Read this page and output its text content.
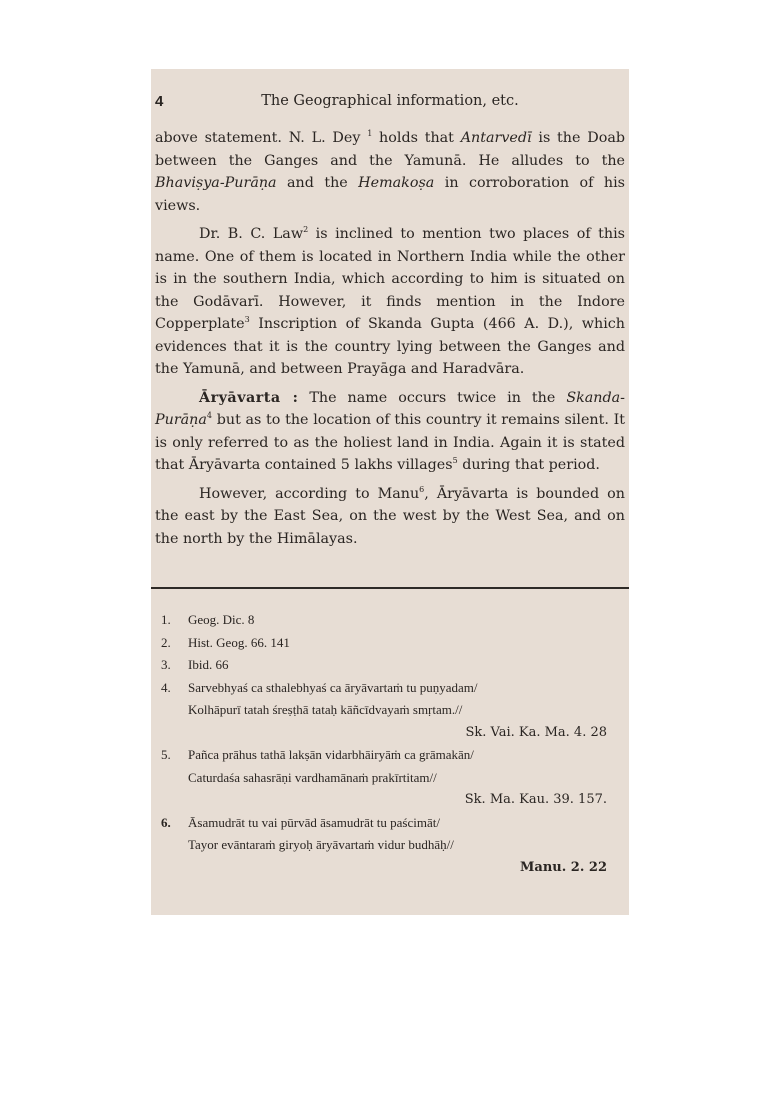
4	The Geographical information, etc.

above statement. N. L. Dey $^1$ holds that Antarvedī is the Doab between the Ganges and the Yamunā. He alludes to the Bhaviṣya-Purāṇa and the Hemakoṣa in corroboration of his views.

Dr. B. C. Law$^2$ is inclined to mention two places of this name. One of them is located in Northern India while the other is in the southern India, which according to him is situated on the Godāvarī. However, it finds mention in the Indore Copperplate$^3$ Inscription of Skanda Gupta (466 A. D.), which evidences that it is the country lying between the Ganges and the Yamunā, and between Prayāga and Haradvāra.

Āryāvarta : The name occurs twice in the Skanda-Purāṇa$^4$ but as to the location of this country it remains silent. It is only referred to as the holiest land in India. Again it is stated that Āryāvarta contained 5 lakhs villages$^5$ during that period.

However, according to Manu$^6$, Āryāvarta is bounded on the east by the East Sea, on the west by the West Sea, and on the north by the Himālayas.

1. Geog. Dic. 8
2. Hist. Geog. 66. 141
3. Ibid. 66
4. Sarvebhyaś ca sthalebhyaś ca āryāvartaṁ tu puṇyadam/
Kolhāpurī tatah śreṣṭhā tataḥ kāñcīdvayaṁ smṛtam.//
Sk. Vai. Ka. Ma. 4. 28
5. Pañca prāhus tathā lakṣān vidarbhāiryāṁ ca grāmakān/
Caturdaśa sahasrāṇi vardhamānaṁ prakīrtitam//
Sk. Ma. Kau. 39. 157.
6. Āsamudrāt tu vai pūrvād āsamudrāt tu paścimāt/
Tayor evāntaraṁ giryoḥ āryāvartaṁ vidur budhāḥ//
Manu. 2. 22
